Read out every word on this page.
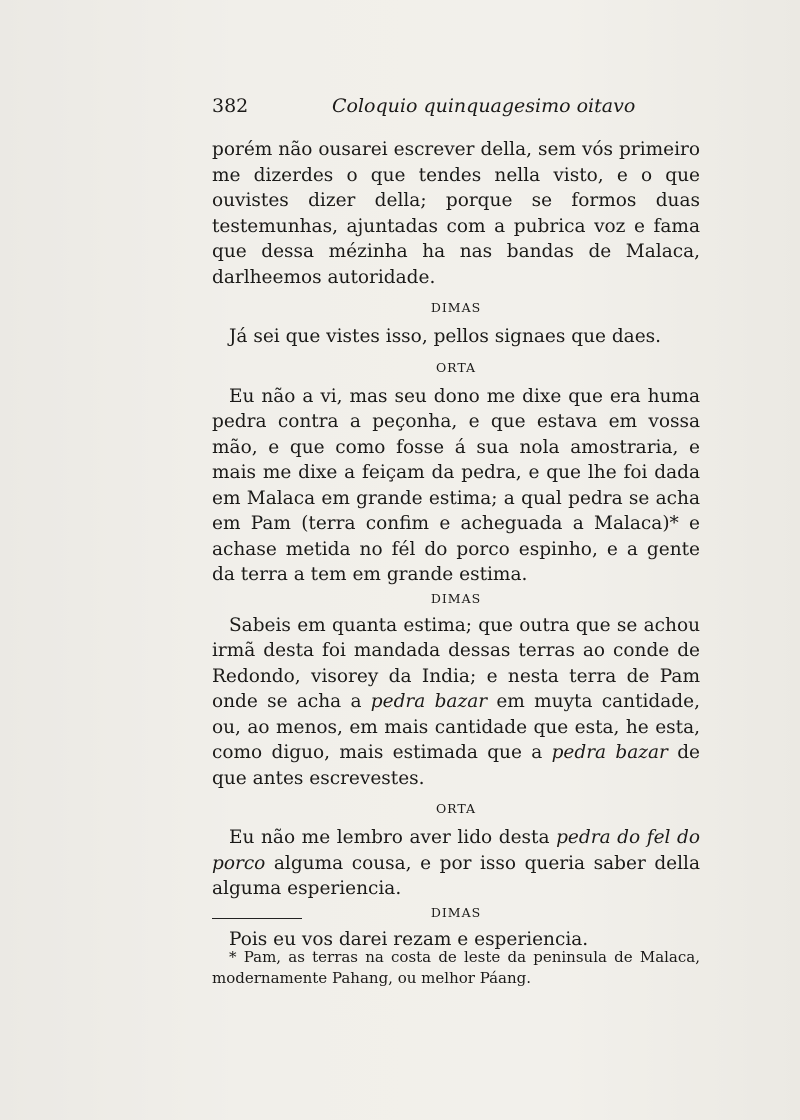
382	Coloquio quinquagesimo oitavo

porém não ousarei escrever della, sem vós primeiro me dizerdes o que tendes nella visto, e o que ouvistes dizer della; porque se formos duas testemunhas, ajuntadas com a pubrica voz e fama que dessa mézinha ha nas bandas de Malaca, darlheemos autoridade.

DIMAS

Já sei que vistes isso, pellos signaes que daes.

ORTA

Eu não a vi, mas seu dono me dixe que era huma pedra contra a peçonha, e que estava em vossa mão, e que como fosse á sua nola amostraria, e mais me dixe a feiçam da pedra, e que lhe foi dada em Malaca em grande estima; a qual pedra se acha em Pam (terra confim e acheguada a Malaca)* e achase metida no fél do porco espinho, e a gente da terra a tem em grande estima.

DIMAS

Sabeis em quanta estima; que outra que se achou irmã desta foi mandada dessas terras ao conde de Redondo, visorey da India; e nesta terra de Pam onde se acha a pedra bazar em muyta cantidade, ou, ao menos, em mais cantidade que esta, he esta, como diguo, mais estimada que a pedra bazar de que antes escrevestes.

ORTA

Eu não me lembro aver lido desta pedra do fel do porco alguma cousa, e por isso queria saber della alguma esperiencia.

DIMAS

Pois eu vos darei rezam e esperiencia.

* Pam, as terras na costa de leste da peninsula de Malaca, modernamente Pahang, ou melhor Páang.
